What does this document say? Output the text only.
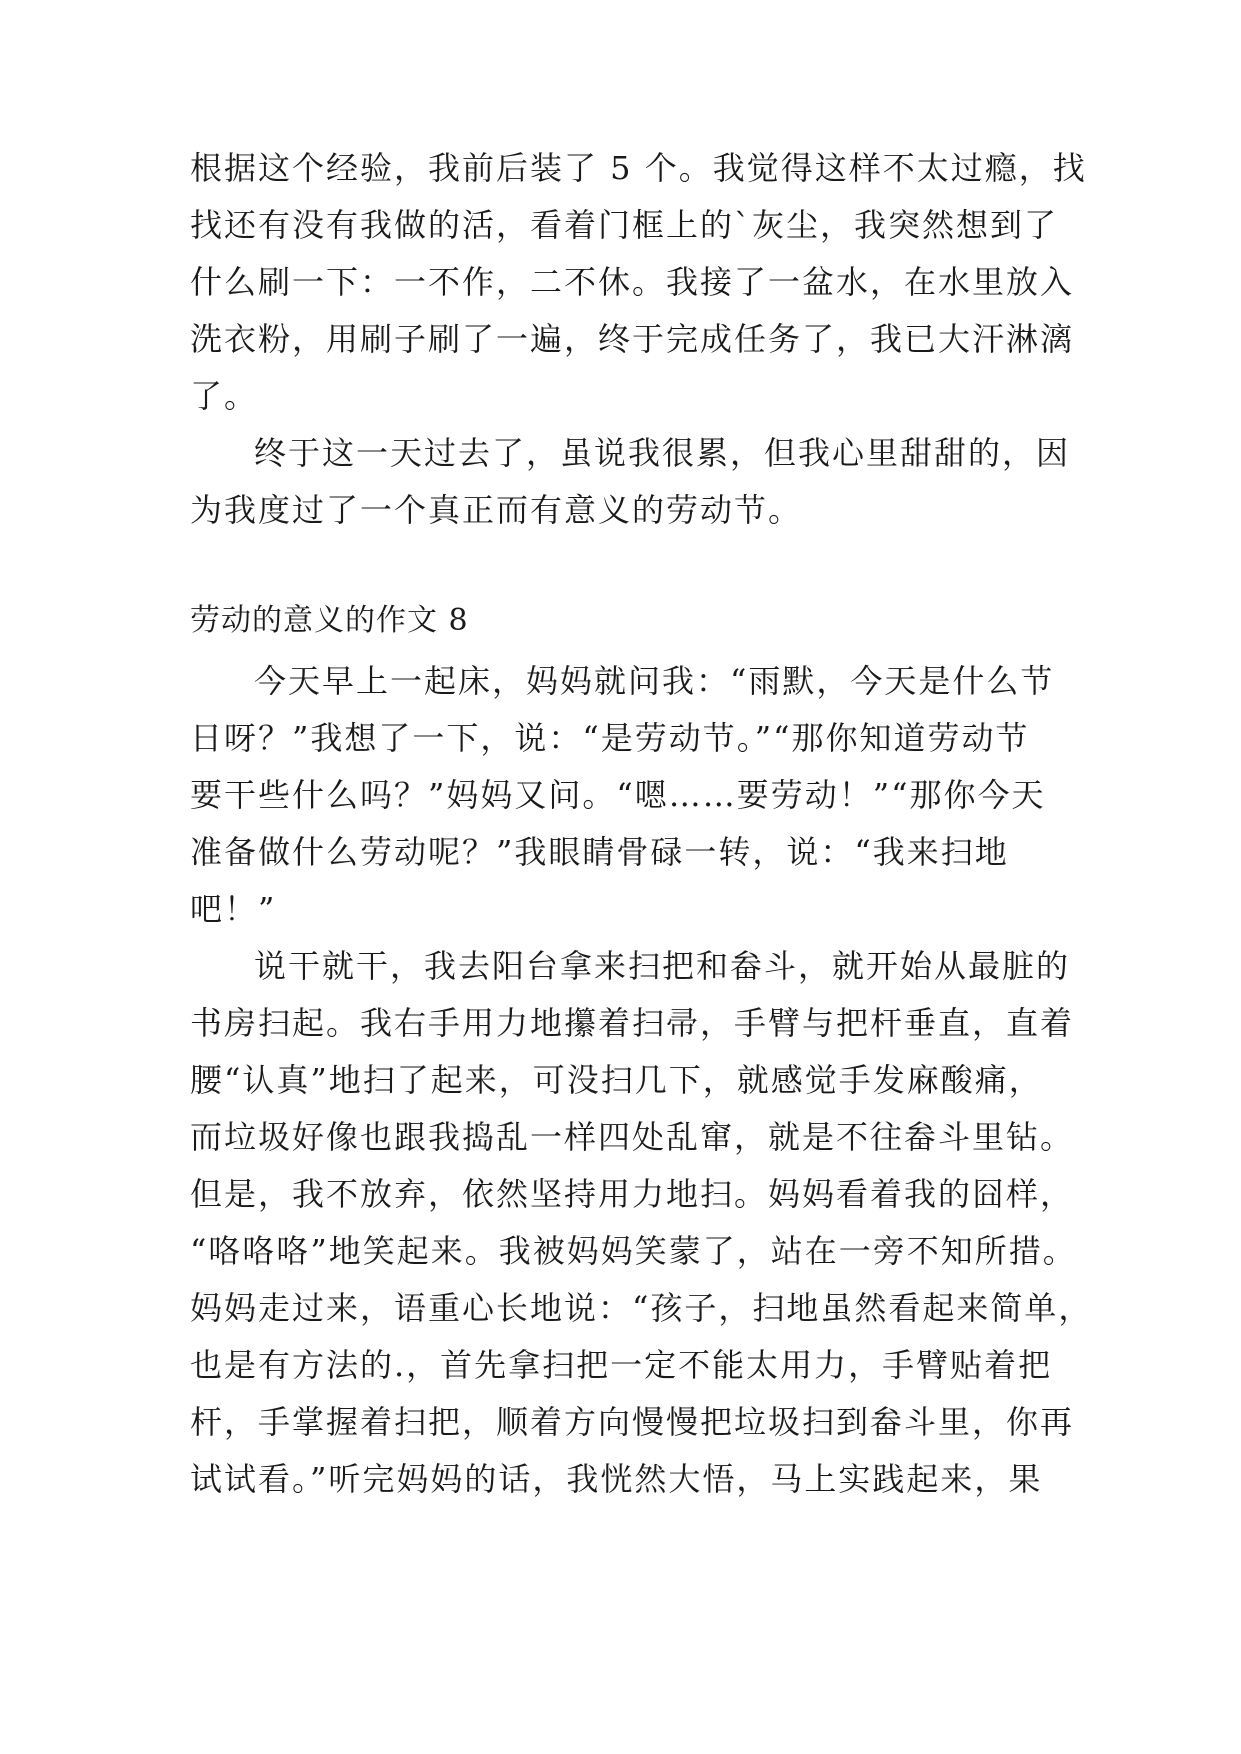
根据这个经验，我前后装了 5 个。我觉得这样不太过瘾，找
找还有没有我做的活，看着门框上的`灰尘，我突然想到了
什么刷一下：一不作，二不休。我接了一盆水，在水里放入
洗衣粉，用刷子刷了一遍，终于完成任务了，我已大汗淋漓
了。
终于这一天过去了，虽说我很累，但我心里甜甜的，因
为我度过了一个真正而有意义的劳动节。
劳动的意义的作文 8
今天早上一起床，妈妈就问我：“雨默，今天是什么节
日呀？”我想了一下，说：“是劳动节。”“那你知道劳动节
要干些什么吗？”妈妈又问。“嗯……要劳动！”“那你今天
准备做什么劳动呢？”我眼睛骨碌一转，说：“我来扫地
吧！”
说干就干，我去阳台拿来扫把和畚斗，就开始从最脏的
书房扫起。我右手用力地攥着扫帚，手臂与把杆垂直，直着
腰“认真”地扫了起来，可没扫几下，就感觉手发麻酸痛，
而垃圾好像也跟我捣乱一样四处乱窜，就是不往畚斗里钻。
但是，我不放弃，依然坚持用力地扫。妈妈看着我的囧样，
“咯咯咯”地笑起来。我被妈妈笑蒙了，站在一旁不知所措。
妈妈走过来，语重心长地说：“孩子，扫地虽然看起来简单，
也是有方法的.，首先拿扫把一定不能太用力，手臂贴着把
杆，手掌握着扫把，顺着方向慢慢把垃圾扫到畚斗里，你再
试试看。”听完妈妈的话，我恍然大悟，马上实践起来，果
